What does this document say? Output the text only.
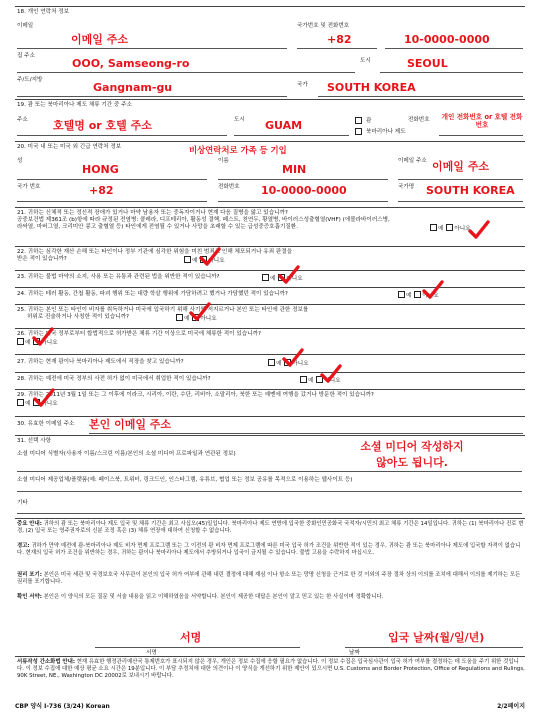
18. 개인 연락처 정보
이메일
이메일 주소
국가번호 및 전화번호
+82	10-0000-0000
집 주소
OOO, Samseong-ro	도시	SEOUL
주/도/지방
Gangnam-gu	국가 SOUTH KOREA
19. 괌 또는 북마리아나 제도 체류 기간 중 주소
주소 호텔명 or 호텔 주소	도시 GUAM	괌
북마리아나 제도
전화번호	개인 전화번호 or 호텔 전화번호
20. 미국 내 또는 미국 외 긴급 연락처 정보	비상연락처로 가족 등 기입
성
HONG
이름
MIN
이메일 주소 이메일 주소
국가 번호	+82	전화번호 10-0000-0000	국가명 SOUTH KOREA
21. 귀하는 신체적 또는 정신적 장애가 있거나 마약 남용자 또는 중독자이거나 현재 다음 질병을 앓고 있습니까?
공중보건법 제361조 (b)항에 따라 규정된 전염병: 콜레라, 디프테리아, 활동성 결핵, 페스트, 천연두, 황열병, 바이러스성출혈열(VHF) (에볼라바이러스병,
라싸열, 마버그열, 크리미안 콩고 출혈열 등) 타인에게 전염될 수 있거나 사망을 초래할 수 있는 급성중증호흡기질환.	예 아니요
22. 귀하는 심각한 재산 손해 또는 타인이나 정부 기관에 심각한 위험을 미친 범죄로 인해 체포되거나 유죄 판결을
받은 적이 있습니까?	예 아니요
23. 귀하는 불법 마약의 소지, 사용 또는 유통과 관련된 법을 위반한 적이 있습니까?	예 아니요
24. 귀하는 테러 활동, 간첩 활동, 파괴 행위 또는 대량 학살 행위에 가담하려고 했거나 가담했던 적이 있습니까?	예 아니요
25. 귀하는 본인 또는 타인이 비자를 취득하거나 미국에 입국하기 위해 사기를 저지르거나 본인 또는 타인에 관한 정보를
허위로 진술하거나 사칭한 적이 있습니까?	예 아니요
26. 귀하는 미국 정부로부터 합법적으로 허가받은 체류 기간 이상으로 미국에 체류한 적이 있습니까?
예 아니요
27. 귀하는 현재 괌이나 북마리아나 제도에서 직장을 찾고 있습니까?	예 아니요
28. 귀하는 예전에 미국 정부의 사전 허가 없이 미국에서 취업한 적이 있습니까?	예 아니요
29. 귀하는 2011년 3월 1일 또는 그 이후에 이라크, 시리아, 이란, 수단, 리비아, 소말리아, 북한 또는 예멘에 여행을 갔거나 방문한 적이 있습니까?
예 아니요
30. 유효한 이메일 주소 본인 이메일 주소
31. 선택 사항
소셜 미디어 식별자(사용자 이름/스크린 이름/본인의 소셜 미디어 프로파일과 연관된 정보)
소셜 미디어 작성하지
않아도 됩니다.
소셜 미디어 제공업체/플랫폼(예: 페이스북, 트위터, 링크드인, 인스타그램, 유튜브, 협업 또는 정보 공유를 목적으로 이용하는 웹사이트 등)
기타
중요 안내: 귀하의 괌 또는 북마리아나 제도 입국 및 체류 기간은 최고 사십오(45)일입니다. 북마리아나 제도 연방에 입국한 중화인민공화국 국적자/시민의 최고 체류 기간은 14일입니다. 귀하는 (1) 북마리아나 진로 변경, (2) 입국 또는 영주권자로의 신분 조정 혹은 (3) 체류 연장에 대하여 신청할 수 없습니다.
경고: 귀하가 만약 예전에 괌-북마리아나 제도 비자 면제 프로그램 또는 그 이전의 괌 비자 면제 프로그램에 따른 미국 입국 허가 조건을 위반한 적이 있는 경우, 귀하는 괌 또는 북마리아나 제도에 입국할 자격이 없습니다. 현재의 입국 허가 조건을 위반하는 경우, 귀하는 괌이나 북마리아나 제도에서 추방되거나 입국이 금지될 수 있습니다. 불법 고용을 수락하지 마십시오.
권리 포기: 본인은 미국 세관 및 국경보호국 사무관이 본인의 입국 허가 여부에 관해 내린 결정에 대해 재심 이나 항소 또는 망명 신청을 근거로 한 것 이외의 주장 절차 상의 이의를 조치에 대해서 이의를 제기하는 모든 권리를 포기합니다.
확인 서약: 본인은 이 양식의 모든 질문 및 서술 내용을 읽고 이해하였음을 서약합니다. 본인이 제공한 대답은 본인이 알고 믿고 있는 한 사실이며 정확합니다.
서명
서명
입국 날짜(월/일/년)
날짜
서류작성 간소화법 안내: 현재 유효한 행정관리예산국 통제번호가 표시되지 않은 경우, 개인은 정보 수집에 응할 필요가 없습니다. 이 정보 수집은 입국심사관이 입국 허가 여부를 결정하는 데 도움을 주기 위한 것입니다. 이 정보 수집에 대한 예상 평균 소요 시간은 19분입니다. 이 부담 추정치에 대한 의견이나 이 양식을 개선하기 위한 제안이 있으시면 U.S. Customs and Border Protection, Office of Regulations and Rulings, 90K Street, NE., Washington DC 20002로 보내시기 바랍니다.
CBP 양식 I-736 (3/24) Korean	2/2페이지
